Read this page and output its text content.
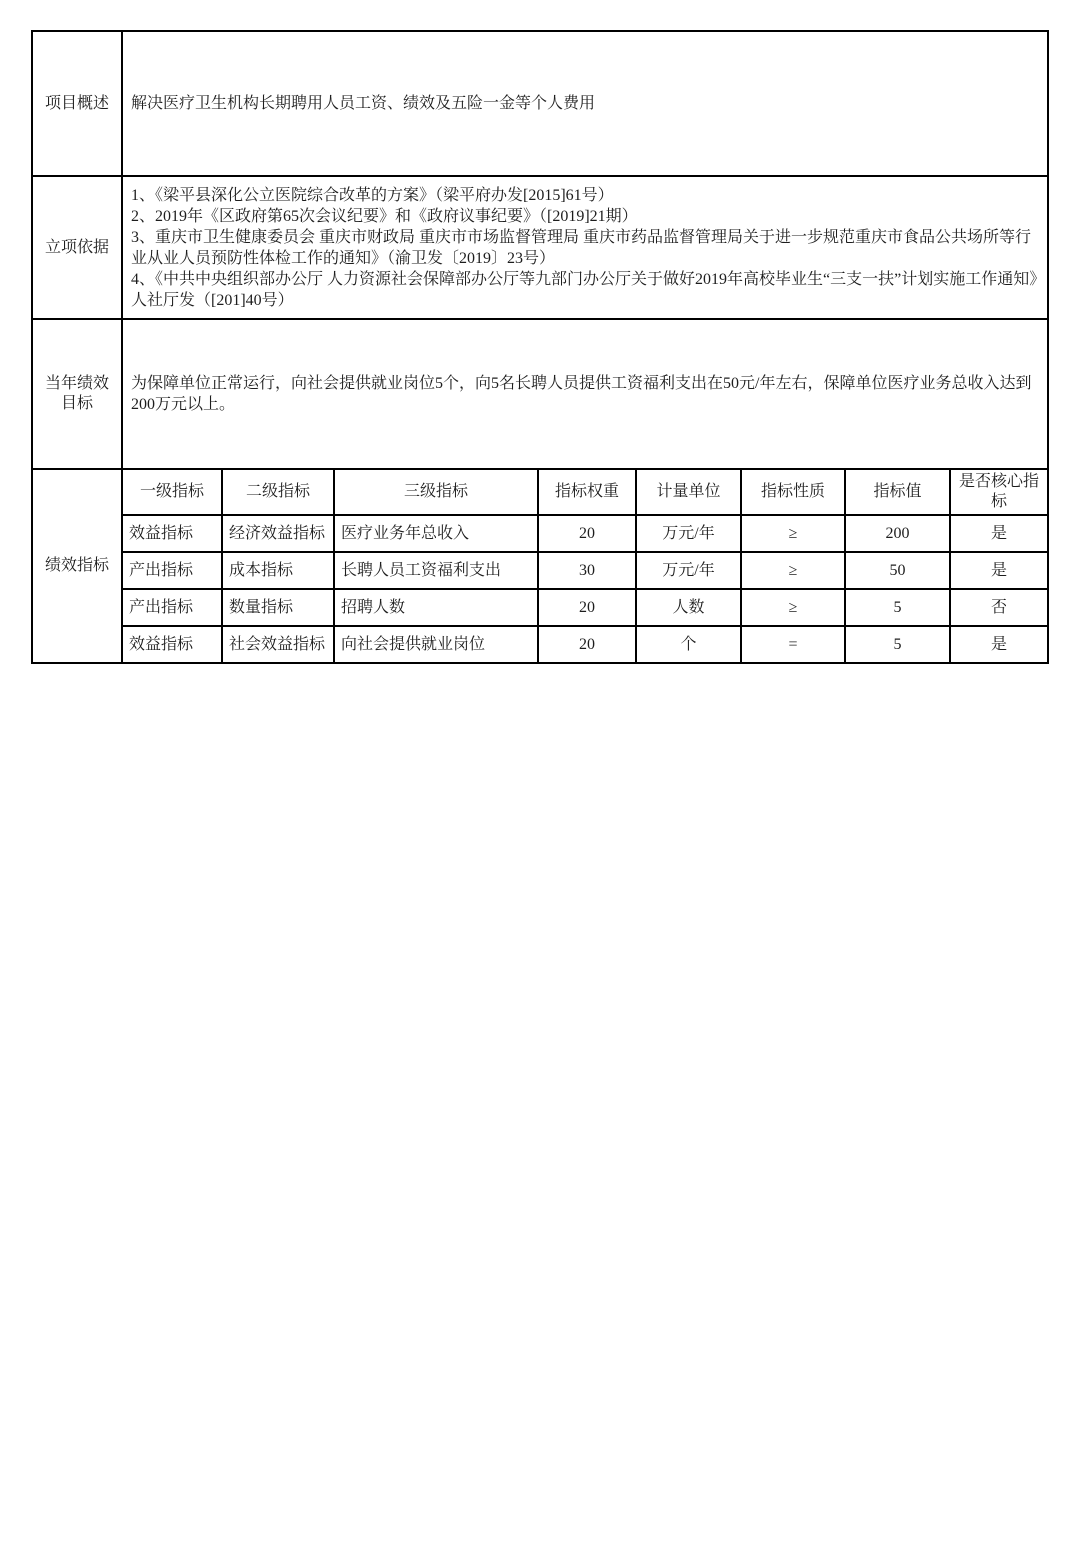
项目概述	解决医疗卫生机构长期聘用人员工资、绩效及五险一金等个人费用							
立项依据	1、《梁平县深化公立医院综合改革的方案》（梁平府办发[2015]61号）
2、2019年《区政府第65次会议纪要》和《政府议事纪要》（[2019]21期）
3、重庆市卫生健康委员会 重庆市财政局 重庆市市场监督管理局 重庆市药品监督管理局关于进一步规范重庆市食品公共场所等行业从业人员预防性体检工作的通知》（渝卫发〔2019〕23号）
4、《中共中央组织部办公厅 人力资源社会保障部办公厅等九部门办公厅关于做好2019年高校毕业生“三支一扶”计划实施工作通知》人社厅发（[201]40号）							

当年绩效目标	为保障单位正常运行，向社会提供就业岗位5个，向5名长聘人员提供工资福利支出在50元/年左右，保障单位医疗业务总收入达到200万元以上。							
绩效指标	一级指标	二级指标	三级指标	指标权重	计量单位	指标性质	指标值	是否核心指标
	效益指标	经济效益指标	医疗业务年总收入	20	万元/年	≥	200	是
	产出指标	成本指标	长聘人员工资福利支出	30	万元/年	≥	50	是
	产出指标	数量指标	招聘人数	20	人数	≥	5	否
	效益指标	社会效益指标	向社会提供就业岗位	20	个	=	5	是
